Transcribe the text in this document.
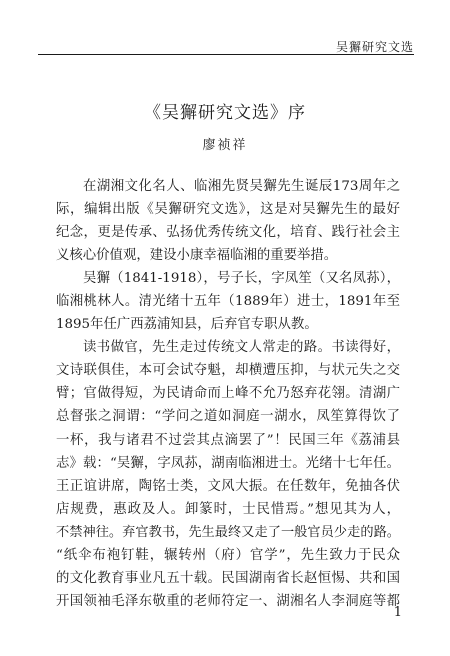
吴獬研究文选
《吴獬研究文选》序
廖祯祥
在湖湘文化名人、临湘先贤吴獬先生诞辰173周年之
际，编辑出版《吴獬研究文选》，这是对吴獬先生的最好
纪念，更是传承、弘扬优秀传统文化，培育、践行社会主
义核心价值观，建设小康幸福临湘的重要举措。
吴獬（1841-1918），号子长，字凤笙（又名凤荪），
临湘桃林人。清光绪十五年（1889年）进士，1891年至
1895年任广西荔浦知县，后弃官专职从教。
读书做官，先生走过传统文人常走的路。书读得好，
文诗联俱佳，本可会试夺魁，却横遭压抑，与状元失之交
臂；官做得短，为民请命而上峰不允乃怒弃花翎。清湖广
总督张之洞谓：“学问之道如洞庭一湖水，凤笙算得饮了
一杯，我与诸君不过尝其点滴罢了”！民国三年《荔浦县
志》载：“吴獬，字凤荪，湖南临湘进士。光绪十七年任。
王正谊讲席，陶铭士类，文风大振。在任数年，免抽各伏
店规费，惠政及人。卸篆时，士民惜焉。”想见其为人，
不禁神往。弃官教书，先生最终又走了一般官员少走的路。
“纸伞布袍钉鞋，辗转州（府）官学”，先生致力于民众
的文化教育事业凡五十载。民国湖南省长赵恒惕、共和国
开国领袖毛泽东敬重的老师符定一、湖湘名人李洞庭等都
1
